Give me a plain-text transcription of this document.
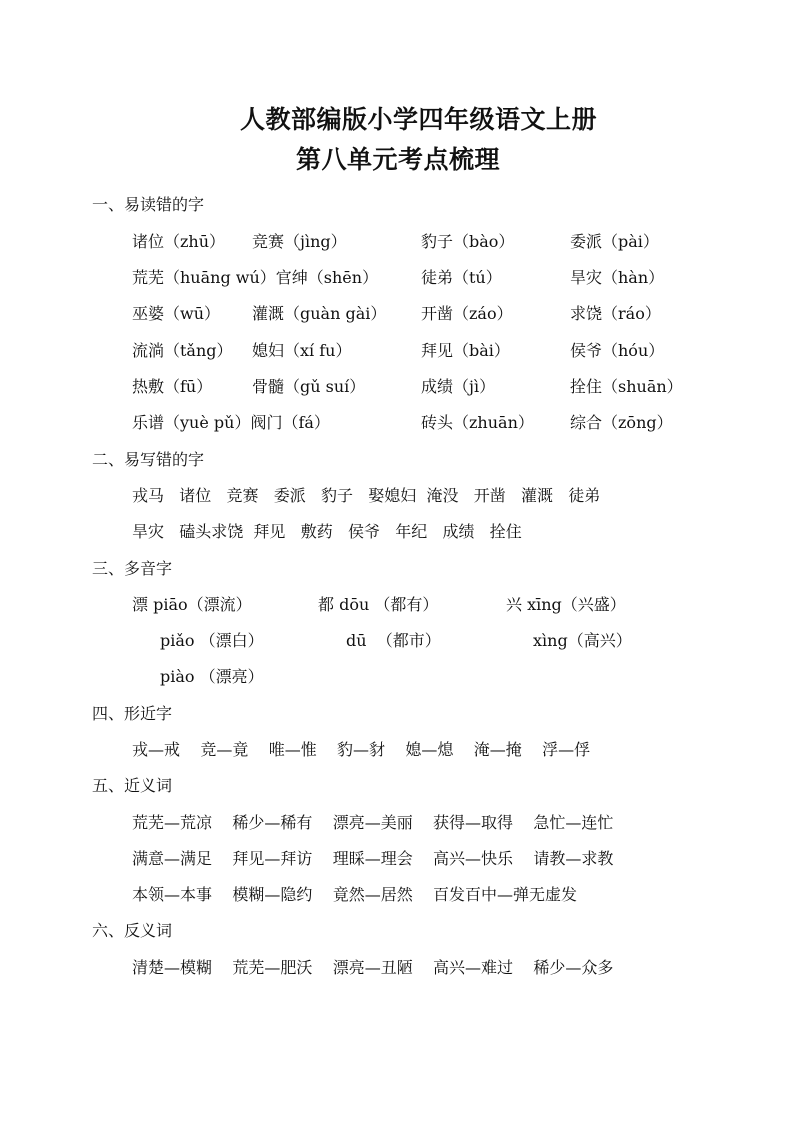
人教部编版小学四年级语文上册
第八单元考点梳理
一、易读错的字
诸位（zhū） 竞赛（jìng）	豹子（bào）	委派（pài）
荒芜（huāng wú）官绅（shēn）	徒弟（tú）	旱灾（hàn）
巫婆（wū） 灌溉（guàn gài） 开凿（záo）	求饶（ráo）
流淌（tǎng） 媳妇（xí fu）	拜见（bài）	侯爷（hóu）
热敷（fū） 骨髓（gǔ suí）	成绩（jì）	拴住（shuān）
乐谱（yuè pǔ）阀门（fá）	砖头（zhuān） 综合（zōng）
二、易写错的字
戎马   诸位   竞赛   委派   豹子   娶媳妇  淹没   开凿   灌溉   徒弟
旱灾   磕头求饶  拜见   敷药   侯爷   年纪   成绩   拴住
三、多音字
漂 piāo（漂流）	都 dōu （都有）	兴 xīng（兴盛）
piǎo （漂白）	dū  （都市）	xìng（高兴）
piào （漂亮）
四、形近字
戎—戒    竞—竟    唯—惟    豹—豺    媳—熄    淹—掩    浮—俘
五、近义词
荒芜—荒凉    稀少—稀有    漂亮—美丽    获得—取得    急忙—连忙
满意—满足    拜见—拜访    理睬—理会    高兴—快乐    请教—求教
本领—本事    模糊—隐约    竟然—居然    百发百中—弹无虚发
六、反义词
清楚—模糊    荒芜—肥沃    漂亮—丑陋    高兴—难过    稀少—众多
